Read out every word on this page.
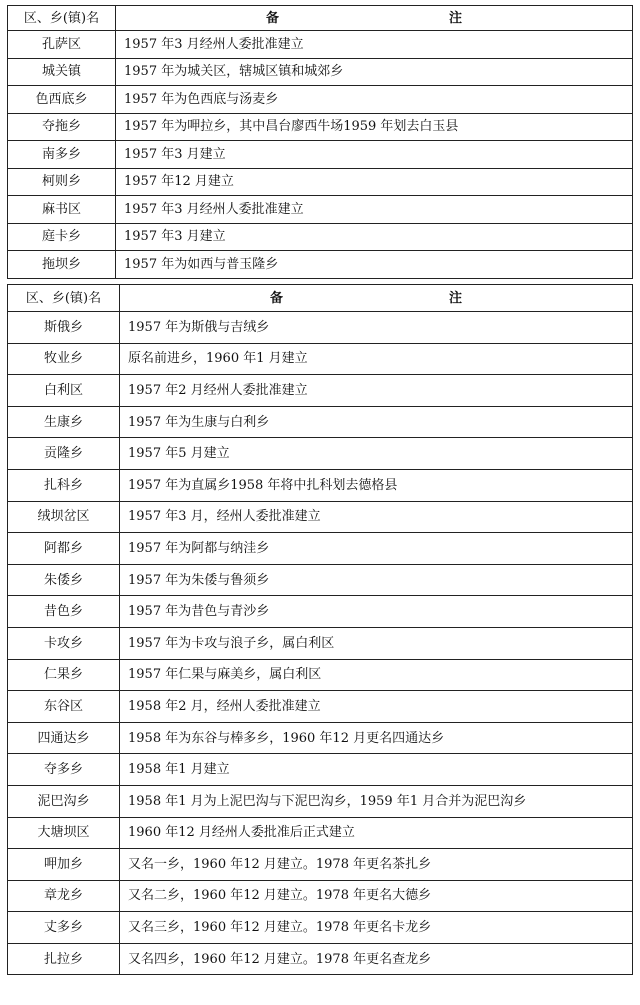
区、乡(镇)名	备 注

孔萨区	1957 年3 月经州人委批准建立
城关镇	1957 年为城关区，辖城区镇和城郊乡
色西底乡	1957 年为色西底与汤麦乡
夺拖乡	1957 年为呷拉乡，其中昌台廖西牛场1959 年划去白玉县
南多乡	1957 年3 月建立
柯则乡	1957 年12 月建立
麻书区	1957 年3 月经州人委批准建立
庭卡乡	1957 年3 月建立
拖坝乡	1957 年为如西与普玉隆乡
区、乡(镇)名	备 注

斯俄乡	1957 年为斯俄与吉绒乡
牧业乡	原名前进乡，1960 年1 月建立
白利区	1957 年2 月经州人委批准建立
生康乡	1957 年为生康与白利乡
贡隆乡	1957 年5 月建立
扎科乡	1957 年为直属乡1958 年将中扎科划去德格县
绒坝岔区	1957 年3 月，经州人委批准建立
阿都乡	1957 年为阿都与纳洼乡
朱倭乡	1957 年为朱倭与鲁须乡
昔色乡	1957 年为昔色与青沙乡
卡攻乡	1957 年为卡攻与浪子乡，属白利区
仁果乡	1957 年仁果与麻美乡，属白利区
东谷区	1958 年2 月，经州人委批准建立
四通达乡	1958 年为东谷与棒多乡，1960 年12 月更名四通达乡
夺多乡	1958 年1 月建立
泥巴沟乡	1958 年1 月为上泥巴沟与下泥巴沟乡，1959 年1 月合并为泥巴沟乡
大塘坝区	1960 年12 月经州人委批准后正式建立
呷加乡	又名一乡，1960 年12 月建立。1978 年更名茶扎乡
章龙乡	又名二乡，1960 年12 月建立。1978 年更名大德乡
丈多乡	又名三乡，1960 年12 月建立。1978 年更名卡龙乡
扎拉乡	又名四乡，1960 年12 月建立。1978 年更名查龙乡
